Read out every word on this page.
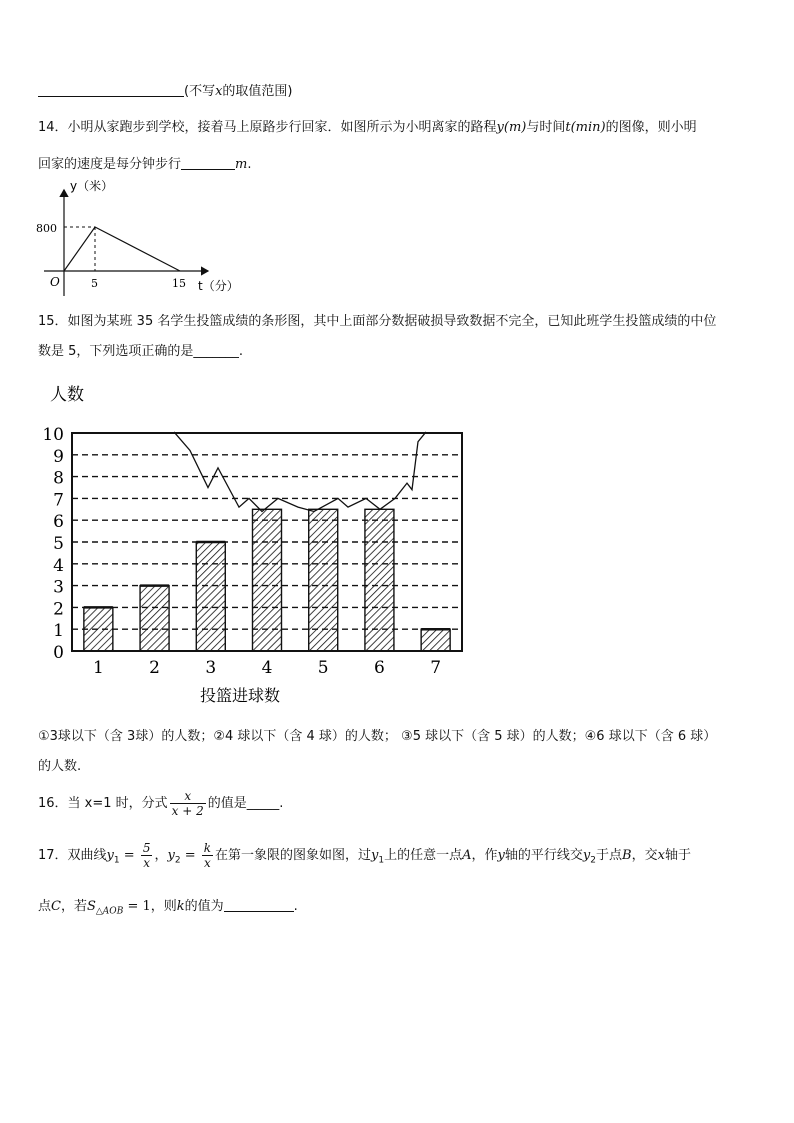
(不写x的取值范围)
14．小明从家跑步到学校，接着马上原路步行回家．如图所示为小明离家的路程y(m)与时间t(min)的图像，则小明
回家的速度是每分钟步行	m.
y（米）
t（分）
O
800
5	15
15．如图为某班 35 名学生投篮成绩的条形图，其中上面部分数据破损导致数据不完全，已知此班学生投篮成绩的中位
数是 5，下列选项正确的是_______.
人数
0
1
2
3
4
5
6
7
8
9
10
1	2	3	4	5	6	7
投篮进球数
①3球以下（含 3球）的人数；②4 球以下（含 4 球）的人数； ③5 球以下（含 5 球）的人数；④6 球以下（含 6 球）
的人数.
16．当 x=1 时，分式 $\frac{x}{x + 2}$ 的值是_____.
17．双曲线$y_1 = \frac{5}{x}$ ，$y_2 = \frac{k}{x}$ 在第一象限的图象如图，过$y_1$上的任意一点A，作y轴的平行线交$y_2$于点B，交x轴于
点C，若$S_{\triangle AOB} = 1$，则k的值为	.
